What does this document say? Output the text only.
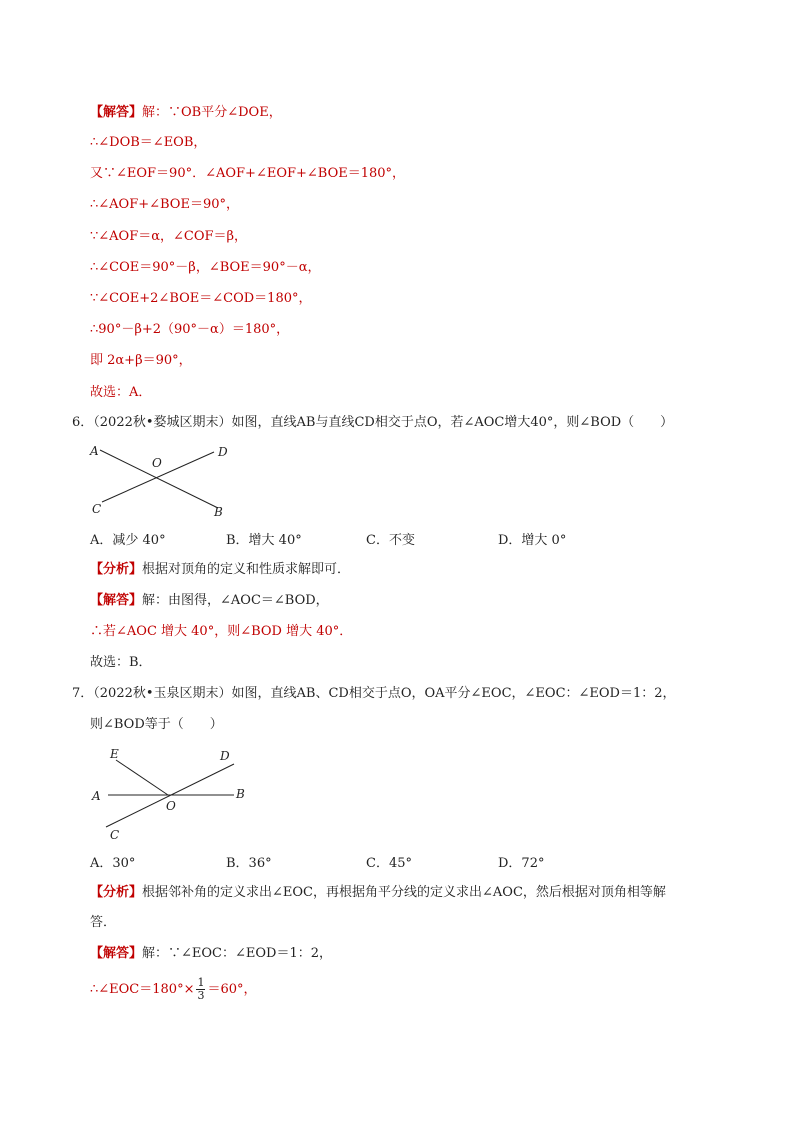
【解答】解：∵OB平分∠DOE，
∴∠DOB＝∠EOB，
又∵∠EOF＝90°．∠AOF+∠EOF+∠BOE＝180°，
∴∠AOF+∠BOE＝90°，
∵∠AOF＝α，∠COF＝β，
∴∠COE＝90°－β，∠BOE＝90°－α，
∵∠COE+2∠BOE＝∠COD＝180°，
∴90°－β+2（90°－α）＝180°，
即 2α+β＝90°，
故选：A．
6．（2022秋•婺城区期末）如图，直线AB与直线CD相交于点O，若∠AOC增大40°，则∠BOD（　　）
A	D
O
C	B
A．减少 40°	B．增大 40°	C．不变	D．增大 0°
【分析】根据对顶角的定义和性质求解即可．
【解答】解：由图得，∠AOC＝∠BOD，
∴若∠AOC 增大 40°，则∠BOD 增大 40°．
故选：B．
7．（2022秋•玉泉区期末）如图，直线AB、CD相交于点O，OA平分∠EOC，∠EOC：∠EOD＝1：2，
则∠BOD等于（　　）
E	D
A	B
O
C
A．30°	B．36°	C．45°	D．72°
【分析】根据邻补角的定义求出∠EOC，再根据角平分线的定义求出∠AOC，然后根据对顶角相等解
答．
【解答】解：∵∠EOC：∠EOD＝1：2，
∴∠EOC＝180°× $\frac{1}{3} =60^\circ$，
